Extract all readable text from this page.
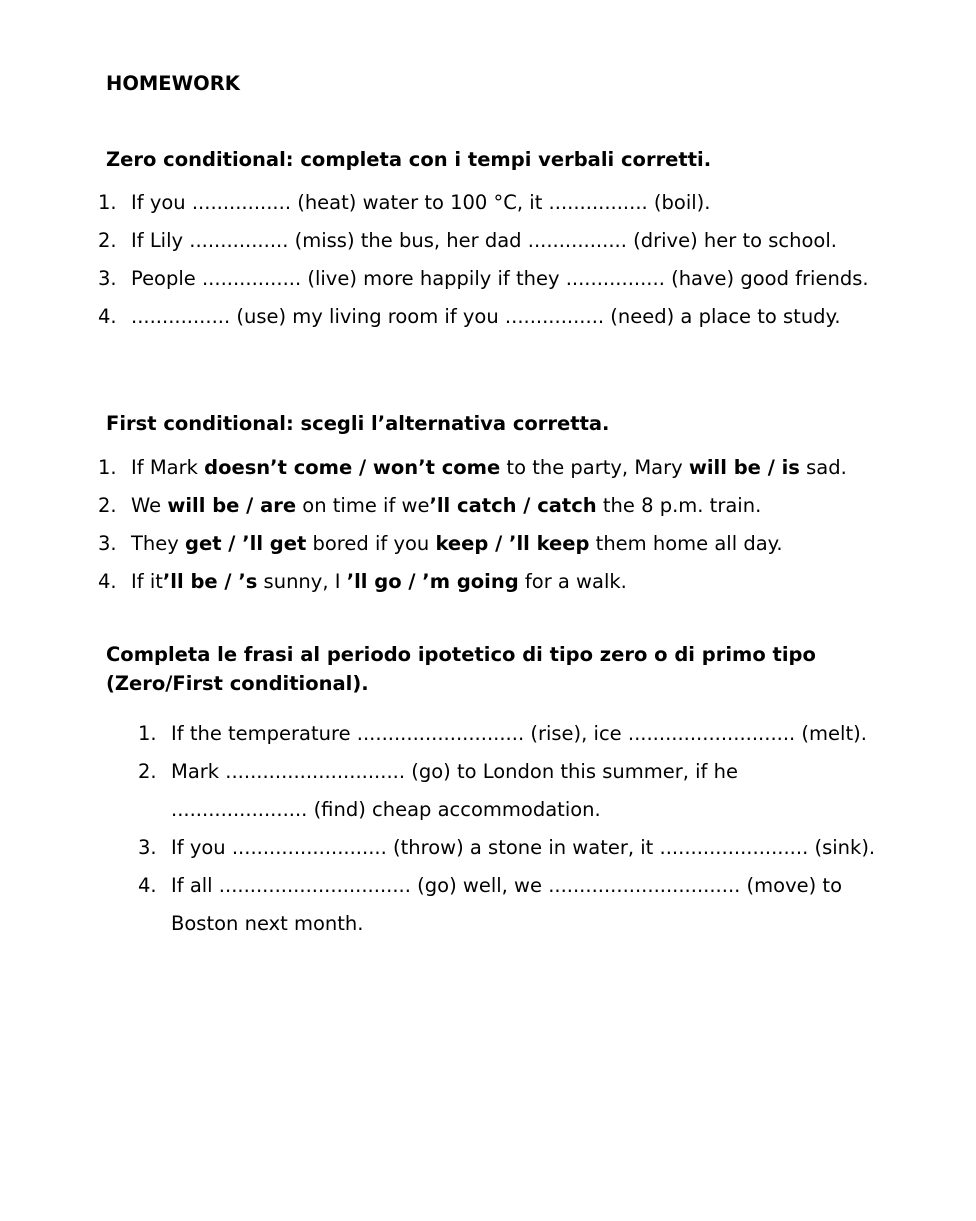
HOMEWORK
Zero conditional: completa con i tempi verbali corretti.
1. If you ................ (heat) water to 100 °C, it ................ (boil).
2. If Lily ................ (miss) the bus, her dad ................ (drive) her to school.
3. People ................ (live) more happily if they ................ (have) good friends.
4. ................ (use) my living room if you ................ (need) a place to study.
First conditional: scegli l’alternativa corretta.
1. If Mark doesn’t come / won’t come to the party, Mary will be / is sad.
2. We will be / are on time if we’ll catch / catch the 8 p.m. train.
3. They get / ’ll get bored if you keep / ’ll keep them home all day.
4. If it’ll be / ’s sunny, I ’ll go / ’m going for a walk.
Completa le frasi al periodo ipotetico di tipo zero o di primo tipo (Zero/First conditional).
1. If the temperature ........................... (rise), ice ........................... (melt).
2. Mark ............................. (go) to London this summer, if he ...................... (find) cheap accommodation.
3. If you ......................... (throw) a stone in water, it ........................ (sink).
4. If all ............................... (go) well, we ............................... (move) to Boston next month.
